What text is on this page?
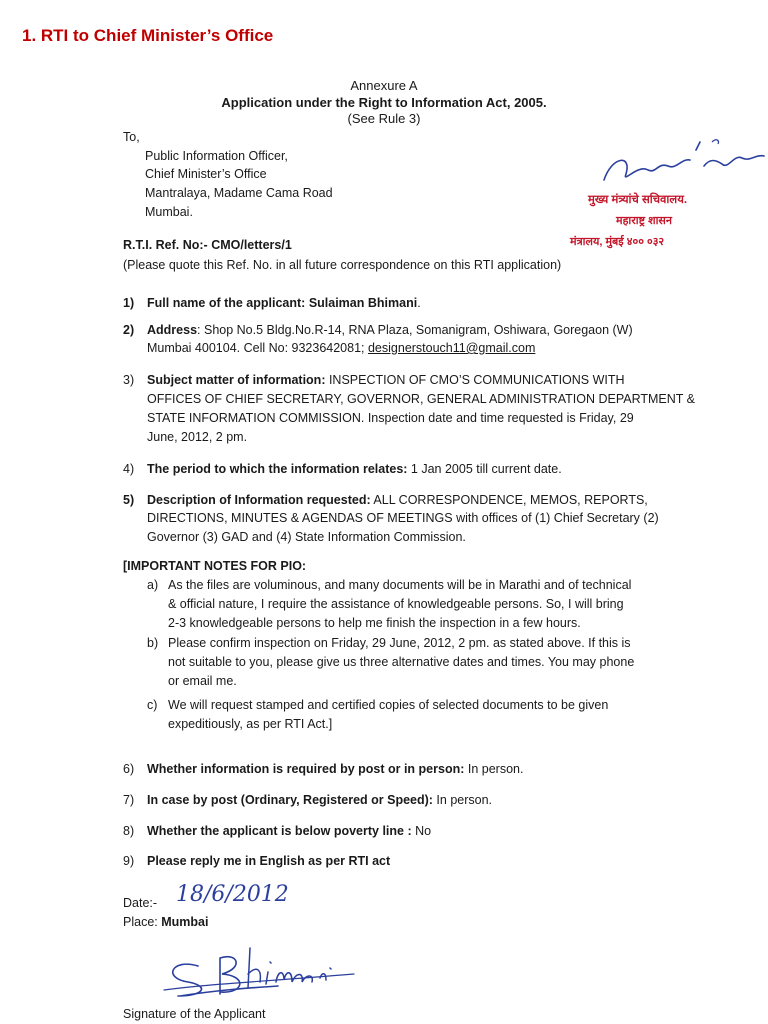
1. RTI to Chief Minister’s Office
Annexure A
Application under the Right to Information Act, 2005.
(See Rule 3)
To,
Public Information Officer,
Chief Minister’s Office
Mantralaya, Madame Cama Road
Mumbai.
मुख्य मंत्र्यांचे सचिवालय.
महाराष्ट्र शासन
मंत्रालय, मुंबई ४०० ०३२
R.T.I. Ref. No:- CMO/letters/1
(Please quote this Ref. No. in all future correspondence on this RTI application)
1) Full name of the applicant: Sulaiman Bhimani.
2) Address: Shop No.5 Bldg.No.R-14, RNA Plaza, Somanigram, Oshiwara, Goregaon (W)
Mumbai 400104. Cell No: 9323642081; designerstouch11@gmail.com
3) Subject matter of information: INSPECTION OF CMO’S COMMUNICATIONS WITH
OFFICES OF CHIEF SECRETARY, GOVERNOR, GENERAL ADMINISTRATION DEPARTMENT &
STATE INFORMATION COMMISSION. Inspection date and time requested is Friday, 29
June, 2012, 2 pm.
4) The period to which the information relates: 1 Jan 2005 till current date.
5) Description of Information requested: ALL CORRESPONDENCE, MEMOS, REPORTS,
DIRECTIONS, MINUTES & AGENDAS OF MEETINGS with offices of (1) Chief Secretary (2)
Governor (3) GAD and (4) State Information Commission.
[IMPORTANT NOTES FOR PIO:
a) As the files are voluminous, and many documents will be in Marathi and of technical
& official nature, I require the assistance of knowledgeable persons. So, I will bring
2-3 knowledgeable persons to help me finish the inspection in a few hours.
b) Please confirm inspection on Friday, 29 June, 2012, 2 pm. as stated above. If this is
not suitable to you, please give us three alternative dates and times. You may phone
or email me.
c) We will request stamped and certified copies of selected documents to be given
expeditiously, as per RTI Act.]
6) Whether information is required by post or in person: In person.
7) In case by post (Ordinary, Registered or Speed): In person.
8) Whether the applicant is below poverty line : No
9) Please reply me in English as per RTI act
Date:- 18/6/2012
Place: Mumbai
Signature of the Applicant
